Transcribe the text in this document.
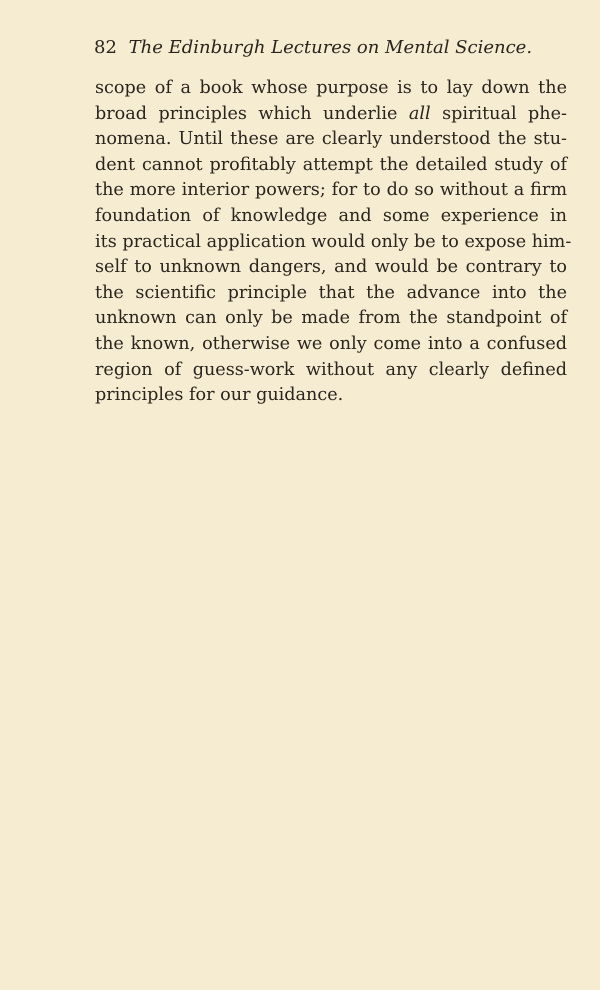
82 The Edinburgh Lectures on Mental Science.
scope of a book whose purpose is to lay down the
broad principles which underlie all spiritual phe-
nomena. Until these are clearly understood the stu-
dent cannot profitably attempt the detailed study of
the more interior powers; for to do so without a firm
foundation of knowledge and some experience in
its practical application would only be to expose him-
self to unknown dangers, and would be contrary to
the scientific principle that the advance into the
unknown can only be made from the standpoint of
the known, otherwise we only come into a confused
region of guess-work without any clearly defined
principles for our guidance.
